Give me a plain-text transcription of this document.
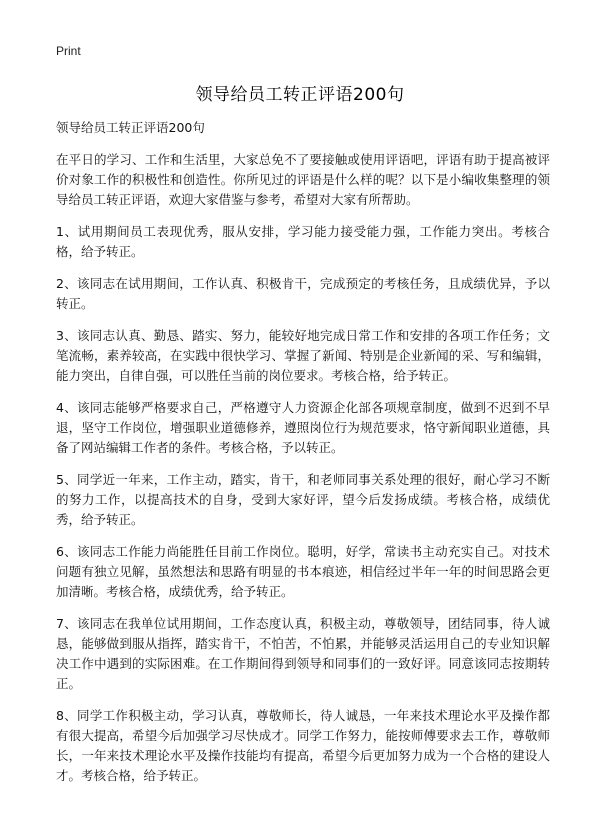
Print
领导给员工转正评语200句

领导给员工转正评语200句

在平日的学习、工作和生活里，大家总免不了要接触或使用评语吧，评语有助于提高被评价对象工作的积极性和创造性。你所见过的评语是什么样的呢？以下是小编收集整理的领导给员工转正评语，欢迎大家借鉴与参考，希望对大家有所帮助。

1、试用期间员工表现优秀，服从安排，学习能力接受能力强，工作能力突出。考核合格，给予转正。

2、该同志在试用期间，工作认真、积极肯干，完成预定的考核任务，且成绩优异，予以转正。

3、该同志认真、勤恳、踏实、努力，能较好地完成日常工作和安排的各项工作任务；文笔流畅，素养较高，在实践中很快学习、掌握了新闻、特别是企业新闻的采、写和编辑，能力突出，自律自强，可以胜任当前的岗位要求。考核合格，给予转正。

4、该同志能够严格要求自己，严格遵守人力资源企化部各项规章制度，做到不迟到不早退，坚守工作岗位，增强职业道德修养，遵照岗位行为规范要求，恪守新闻职业道德，具备了网站编辑工作者的条件。考核合格，予以转正。

5、同学近一年来，工作主动，踏实，肯干，和老师同事关系处理的很好，耐心学习不断的努力工作，以提高技术的自身，受到大家好评，望今后发扬成绩。考核合格，成绩优秀，给予转正。

6、该同志工作能力尚能胜任目前工作岗位。聪明，好学，常读书主动充实自己。对技术问题有独立见解，虽然想法和思路有明显的书本痕迹，相信经过半年一年的时间思路会更加清晰。考核合格，成绩优秀，给予转正。

7、该同志在我单位试用期间，工作态度认真，积极主动，尊敬领导，团结同事，待人诚恳，能够做到服从指挥，踏实肯干，不怕苦，不怕累，并能够灵活运用自己的专业知识解决工作中遇到的实际困难。在工作期间得到领导和同事们的一致好评。同意该同志按期转正。

8、同学工作积极主动，学习认真，尊敬师长，待人诚恳，一年来技术理论水平及操作都有很大提高，希望今后加强学习尽快成才。同学工作努力，能按师傅要求去工作，尊敬师长，一年来技术理论水平及操作技能均有提高，希望今后更加努力成为一个合格的建设人才。考核合格，给予转正。
